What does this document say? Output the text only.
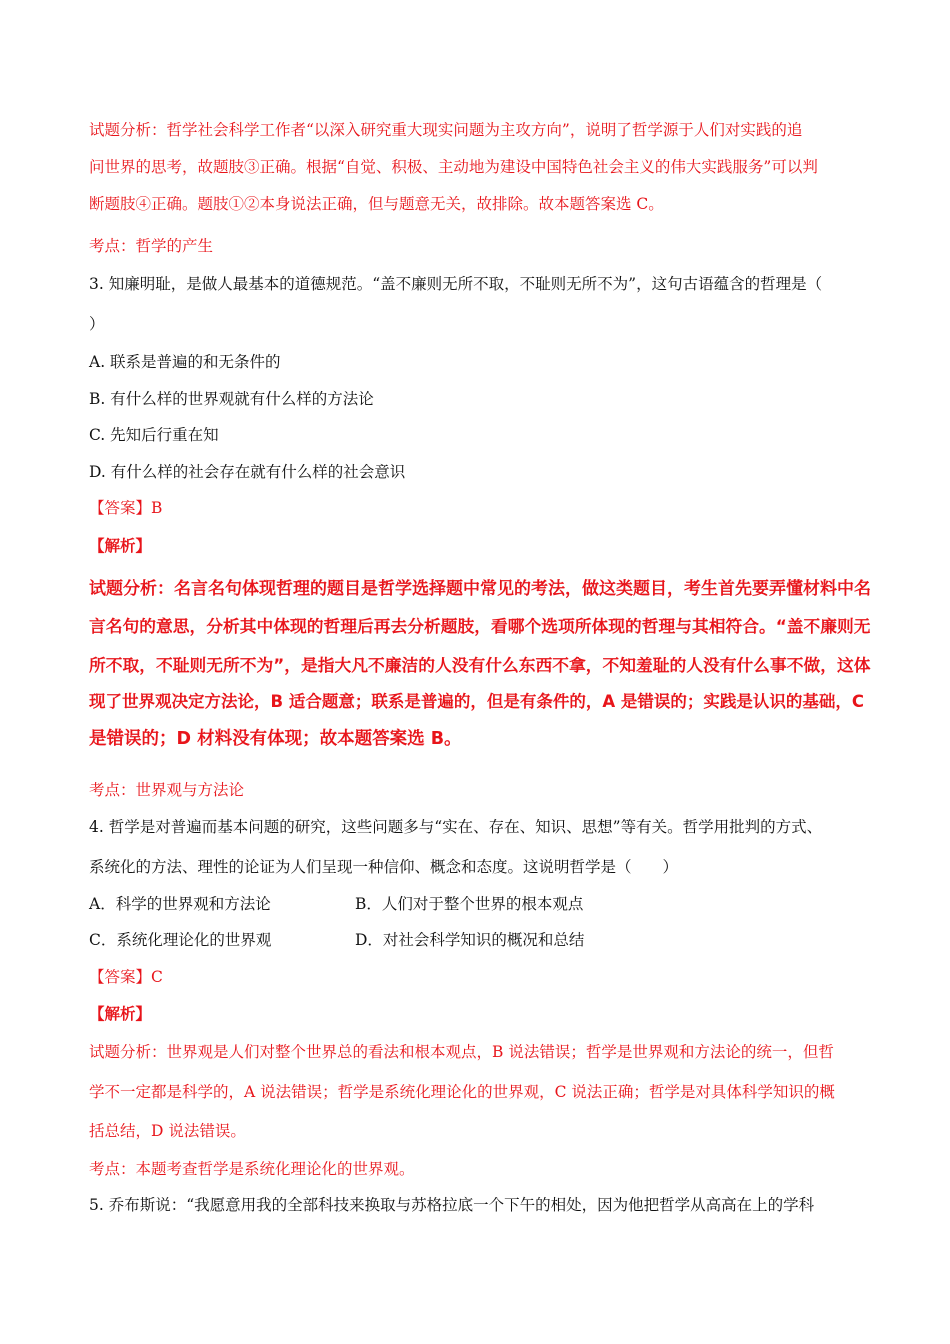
试题分析：哲学社会科学工作者“以深入研究重大现实问题为主攻方向”，说明了哲学源于人们对实践的追
问世界的思考，故题肢③正确。根据“自觉、积极、主动地为建设中国特色社会主义的伟大实践服务”可以判
断题肢④正确。题肢①②本身说法正确，但与题意无关，故排除。故本题答案选 C。
考点：哲学的产生
3. 知廉明耻，是做人最基本的道德规范。“盖不廉则无所不取，不耻则无所不为”，这句古语蕴含的哲理是（
）
A. 联系是普遍的和无条件的
B. 有什么样的世界观就有什么样的方法论
C. 先知后行重在知
D. 有什么样的社会存在就有什么样的社会意识
【答案】B
【解析】
试题分析：名言名句体现哲理的题目是哲学选择题中常见的考法，做这类题目，考生首先要弄懂材料中名
言名句的意思，分析其中体现的哲理后再去分析题肢，看哪个选项所体现的哲理与其相符合。“盖不廉则无
所不取，不耻则无所不为”，是指大凡不廉洁的人没有什么东西不拿，不知羞耻的人没有什么事不做，这体
现了世界观决定方法论，B 适合题意；联系是普遍的，但是有条件的，A 是错误的；实践是认识的基础，C
是错误的；D 材料没有体现；故本题答案选 B。
考点：世界观与方法论
4. 哲学是对普遍而基本问题的研究，这些问题多与“实在、存在、知识、思想”等有关。哲学用批判的方式、
系统化的方法、理性的论证为人们呈现一种信仰、概念和态度。这说明哲学是（　　）
A．科学的世界观和方法论	B．人们对于整个世界的根本观点
C．系统化理论化的世界观	D．对社会科学知识的概况和总结
【答案】C
【解析】
试题分析：世界观是人们对整个世界总的看法和根本观点，B 说法错误；哲学是世界观和方法论的统一，但哲
学不一定都是科学的，A 说法错误；哲学是系统化理论化的世界观，C 说法正确；哲学是对具体科学知识的概
括总结，D 说法错误。
考点：本题考查哲学是系统化理论化的世界观。
5. 乔布斯说：“我愿意用我的全部科技来换取与苏格拉底一个下午的相处，因为他把哲学从高高在上的学科
